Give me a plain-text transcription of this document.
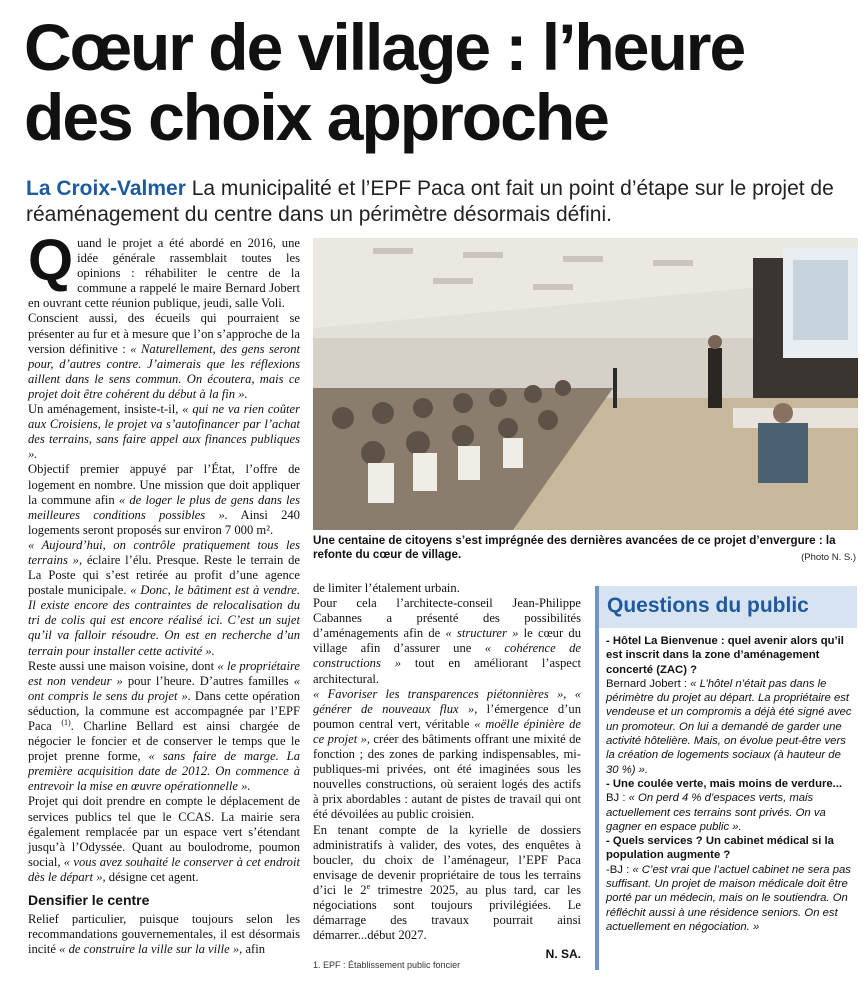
Cœur de village : l’heure
des choix approche
La Croix-Valmer La municipalité et l’EPF Paca ont fait un point d’étape sur le projet de réaménagement du centre dans un périmètre désormais défini.

Quand le projet a été abordé en 2016, une idée générale rassemblait toutes les opinions : réhabiliter le centre de la commune a rappelé le maire Bernard Jobert en ouvrant cette réunion publique, jeudi, salle Voli.

Conscient aussi, des écueils qui pourraient se présenter au fur et à mesure que l’on s’approche de la version définitive : « Naturellement, des gens seront pour, d’autres contre. J’aimerais que les réflexions aillent dans le sens commun. On écoutera, mais ce projet doit être cohérent du début à la fin ».

Un aménagement, insiste-t-il, « qui ne va rien coûter aux Croisiens, le projet va s’autofinancer par l’achat des terrains, sans faire appel aux finances publiques ».

Objectif premier appuyé par l’État, l’offre de logement en nombre. Une mission que doit appliquer la commune afin « de loger le plus de gens dans les meilleures conditions possibles ». Ainsi 240 logements seront proposés sur environ 7 000 m².

« Aujourd’hui, on contrôle pratiquement tous les terrains », éclaire l’élu. Presque. Reste le terrain de La Poste qui s’est retirée au profit d’une agence postale municipale. « Donc, le bâtiment est à vendre. Il existe encore des contraintes de relocalisation du tri de colis qui est encore réalisé ici. C’est un sujet qu’il va falloir résoudre. On est en recherche d’un terrain pour installer cette activité ».

Reste aussi une maison voisine, dont « le propriétaire est non vendeur » pour l’heure. D’autres familles « ont compris le sens du projet ». Dans cette opération séduction, la commune est accompagnée par l’EPF Paca $^{(1)}$. Charline Bellard est ainsi chargée de négocier le foncier et de conserver le temps que le projet prenne forme, « sans faire de marge. La première acquisition date de 2012. On commence à entrevoir la mise en œuvre opérationnelle ».

Projet qui doit prendre en compte le déplacement de services publics tel que le CCAS. La mairie sera également remplacée par un espace vert s’étendant jusqu’à l’Odyssée. Quant au boulodrome, poumon social, « vous avez souhaité le conserver à cet endroit dès le départ », désigne cet agent.

Densifier le centre

Relief particulier, puisque toujours selon les recommandations gouvernementales, il est désormais incité « de construire la ville sur la ville », afin

Une centaine de citoyens s’est imprégnée des dernières avancées de ce projet d’envergure : la refonte du cœur de village.	(Photo N. S.)

de limiter l’étalement urbain.

Pour cela l’architecte-conseil Jean-Philippe Cabannes a présenté des possibilités d’aménagements afin de « structurer » le cœur du village afin d’assurer une « cohérence de constructions » tout en améliorant l’aspect architectural.

« Favoriser les transparences piétonnières », « générer de nouveaux flux », l’émergence d’un poumon central vert, véritable « moëlle épinière de ce projet », créer des bâtiments offrant une mixité de fonction ; des zones de parking indispensables, mi-publiques-mi privées, ont été imaginées sous les nouvelles constructions, où seraient logés des actifs à prix abordables : autant de pistes de travail qui ont été dévoilées au public croisien.

En tenant compte de la kyrielle de dossiers administratifs à valider, des votes, des enquêtes à boucler, du choix de l’aménageur, l’EPF Paca envisage de devenir propriétaire de tous les terrains d’ici le 2e trimestre 2025, au plus tard, car les négociations sont toujours privilégiées. Le démarrage des travaux pourrait ainsi démarrer...début 2027.

N. SA.
1. EPF : Établissement public foncier
Questions du public

- Hôtel La Bienvenue : quel avenir alors qu’il est inscrit dans la zone d’aménagement concerté (ZAC) ?

Bernard Jobert : « L’hôtel n’était pas dans le périmètre du projet au départ. La propriétaire est vendeuse et un compromis a déjà été signé avec un promoteur. On lui a demandé de garder une activité hôtelière. Mais, on évolue peut-être vers la création de logements sociaux (à hauteur de 30 %) ».

- Une coulée verte, mais moins de verdure...

BJ : « On perd 4 % d’espaces verts, mais actuellement ces terrains sont privés. On va gagner en espace public ».

- Quels services ? Un cabinet médical si la population augmente ?

-BJ : « C’est vrai que l’actuel cabinet ne sera pas suffisant. Un projet de maison médicale doit être porté par un médecin, mais on le soutiendra. On réfléchit aussi à une résidence seniors. On est actuellement en négociation. »
